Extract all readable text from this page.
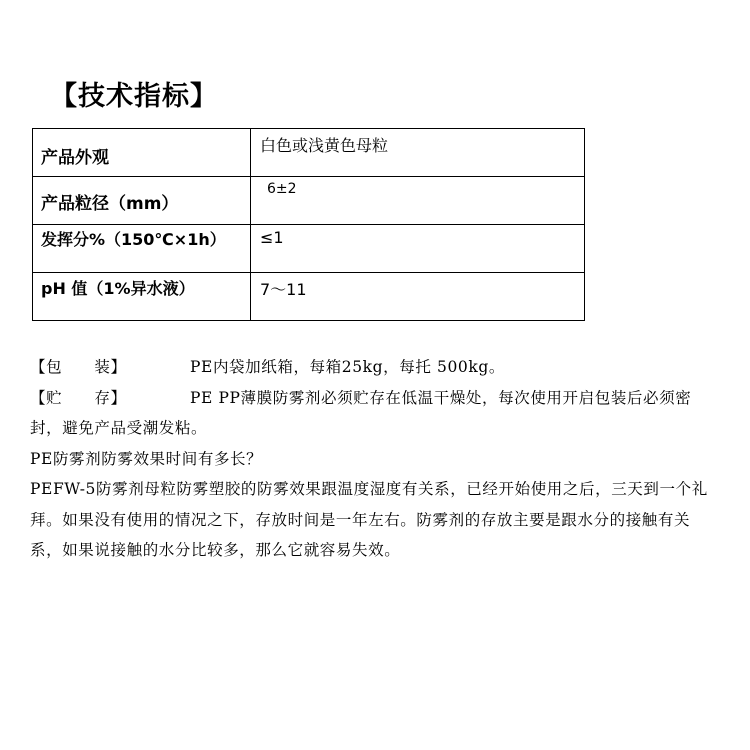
【技术指标】
产品外观	白色或浅黄色母粒

产品粒径（mm）	6±2

发挥分%（150℃×1h）	≤1

pH 值（1%异水液）	7～11

【包　　装】	PE内袋加纸箱，每箱25kg，每托 500kg。

【贮　　存】	PE PP薄膜防雾剂必须贮存在低温干燥处，每次使用开启包装后必须密封，避免产品受潮发粘。

PE防雾剂防雾效果时间有多长？

PEFW-5防雾剂母粒防雾塑胶的防雾效果跟温度湿度有关系，已经开始使用之后，三天到一个礼拜。如果没有使用的情况之下，存放时间是一年左右。防雾剂的存放主要是跟水分的接触有关系，如果说接触的水分比较多，那么它就容易失效。
